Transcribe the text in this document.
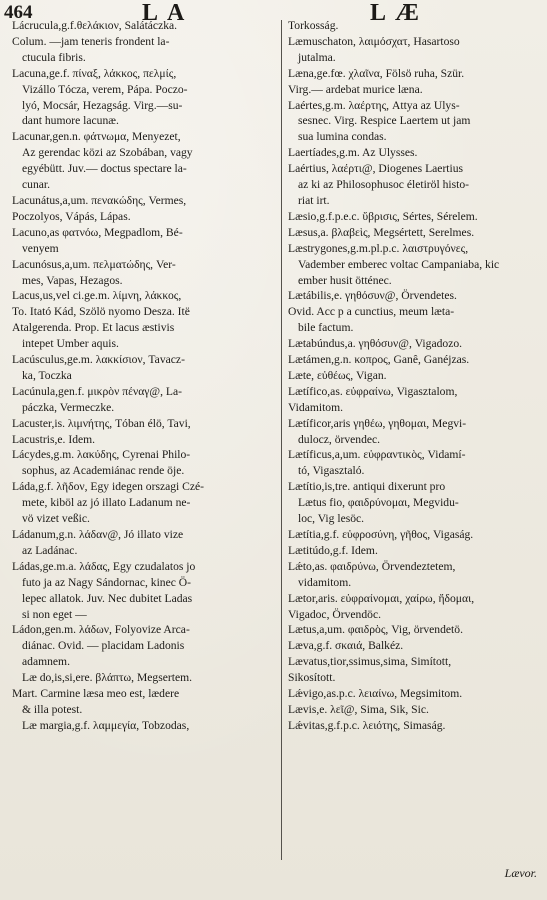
464	LA	LÆ
Lácrucula,g.f.θελάκιον, Salátáczka.
Colum. —jam teneris frondent la-
ctucula fibris.
Lacuna,ge.f. πίναξ, λάκκος, πελμίς,
Vizállo Tócza, verem, Pápa. Poczo-
lyó, Mocsár, Hezagság. Virg.—su-
dant humore lacunæ.
Lacunar,gen.n. φάτνωμα, Menyezet,
Az gerendac közi az Szobában, vagy
egyébütt. Juv.— doctus spectare la-
cunar.
Lacunátus,a,um. πενακώδης, Vermes,
Poczolyos, Vápás, Lápas.
Lacuno,as φατνόω, Megpadlom, Bé-
venyem
Lacunósus,a,um. πελματώδης, Ver-
mes, Vapas, Hezagos.
Lacus,us,vel ci.ge.m. λίμνη, λάκκος,
To. Itató Kád, Szölö nyomo Desza. Itë
Atalgerenda. Prop. Et lacus æstivis
intepet Umber aquis.
Lacúsculus,ge.m. λακκίσιον, Tavacz-
ka, Toczka
Lacúnula,gen.f. μικρὸν πέναγ@, La-
páczka, Vermeczke.
Lacuster,is. λιμνήτης, Tóban élö, Tavi,
Lacustris,e. Idem.
Lácydes,g.m. λακύδης, Cyrenai Philo-
sophus, az Academiánac rende öje.
Láda,g.f. λῆδον, Egy idegen orszagi Czé-
mete, kiböl az jó illato Ladanum ne-
vö vizet veßic.
Ládanum,g.n. λάδαν@, Jó illato vize
az Ladánac.
Ládas,ge.m.a. λάδας, Egy czudalatos jo
futo ja az Nagy Sándornac, kinec Ö-
lepec allatok. Juv. Nec dubitet Ladas
si non eget —
Ládon,gen.m. λάδων, Folyovize Arca-
diánac. Ovid. — placidam Ladonis
adamnem.
Læ do,is,si,ere. βλάπτω, Megsertem.
Mart. Carmine læsa meo est, lædere
& illa potest.
Læ margia,g.f. λαμμεγία, Tobzodas,
Torkosság.
Læmuschaton, λαιμόσχατ, Hasartoso
jutalma.
Læna,ge.fœ. χλαῖνα, Fölsö ruha, Szür.
Virg.— ardebat murice læna.
Laértes,g.m. λαέρτης, Attya az Ulys-
sesnec. Virg. Respice Laertem ut jam
sua lumina condas.
Laertíades,g.m. Az Ulysses.
Laértius, λαέρτι@, Diogenes Laertius
az ki az Philosophusoc életiröl histo-
riat irt.
Læsio,g.f.p.e.c. ὕβρισις, Sértes, Sérelem.
Læsus,a. βλαβεὶς, Megsértett, Serelmes.
Læstrygones,g.m.pl.p.c. λαιστρυγόνες,
Vadember emberec voltac Campaniaba, kic
ember husit ötténec.
Lætábilis,e. γηθόσυν@, Örvendetes.
Ovid. Acc p a cunctius, meum læta-
bile factum.
Lætabúndus,a. γηθόσυν@, Vigadozo.
Lætámen,g.n. κοπρος, Ganê, Ganéjzas.
Læte, εὐθέως, Vigan.
Lætífico,as. εὐφραίνω, Vigasztalom,
Vidamitom.
Lætíficor,aris γηθέω, γηθομαι, Megvi-
dulocz, örvendec.
Lætíficus,a,um. εὐφραντικὸς, Vidamí-
tó, Vigasztaló.
Lætítio,is,tre. antiqui dixerunt pro
Lætus fio, φαιδρύνομαι, Megvidu-
loc, Vig lesöc.
Lætítia,g.f. εὐφροσύνη, γῆθος, Vigaság.
Lætitúdo,g.f. Idem.
Lǽto,as. φαιδρύνω, Örvendeztetem,
vidamitom.
Lætor,aris. εὐφραίνομαι, χαίρω, ἥδομαι,
Vigadoc, Örvendöc.
Lætus,a,um. φαιδρὸς, Vig, örvendetö.
Læva,g.f. σκαιά, Balkéz.
Lævatus,tior,ssimus,sima, Simított,
Sikosított.
Lǽvigo,as.p.c. λειαίνω, Megsimitom.
Lævis,e. λεῖ@, Sima, Sik, Sic.
Lǽvitas,g.f.p.c. λειότης, Simaság.
Lævor.
